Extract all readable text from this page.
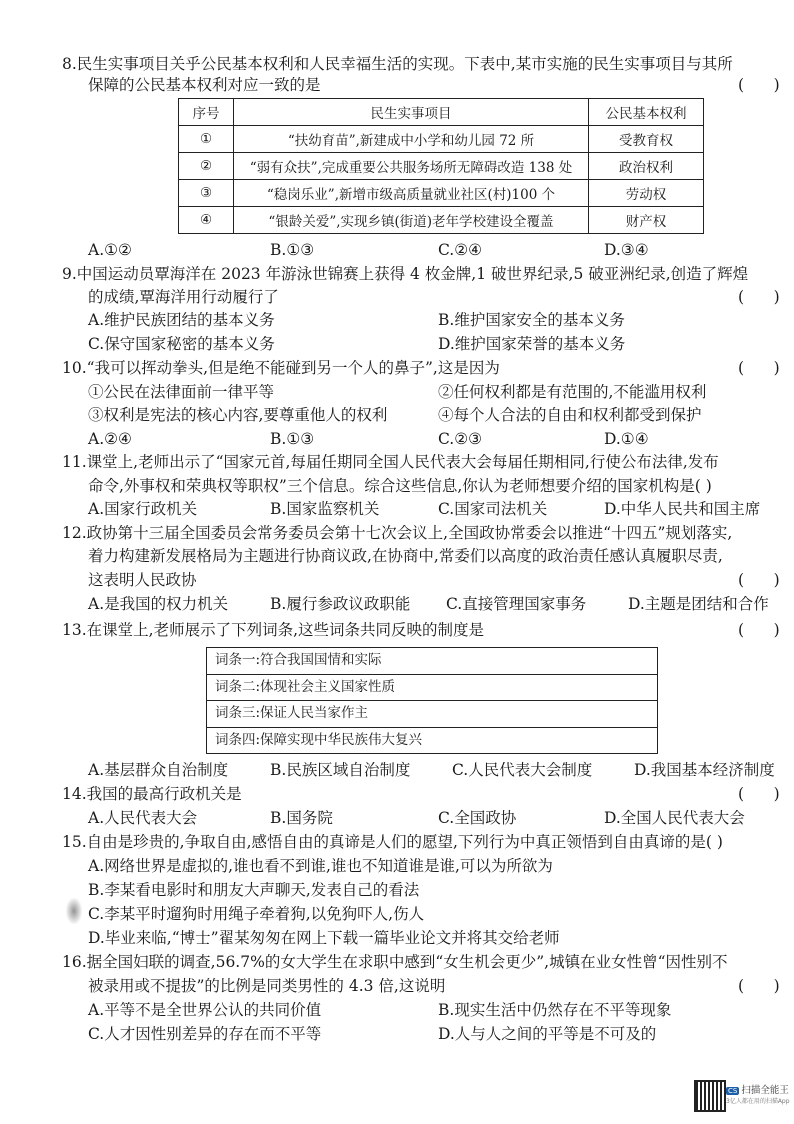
8.民生实事项目关乎公民基本权利和人民幸福生活的实现。下表中,某市实施的民生实事项目与其所
保障的公民基本权利对应一致的是	(      )
序号	民生实事项目	公民基本权利
①	“扶幼育苗”,新建成中小学和幼儿园 72 所	受教育权
②	“弱有众扶”,完成重要公共服务场所无障碍改造 138 处	政治权利
③	“稳岗乐业”,新增市级高质量就业社区(村)100 个	劳动权
④	“银龄关爱”,实现乡镇(街道)老年学校建设全覆盖	财产权
A.①②	B.①③	C.②④	D.③④
9.中国运动员覃海洋在 2023 年游泳世锦赛上获得 4 枚金牌,1 破世界纪录,5 破亚洲纪录,创造了辉煌
的成绩,覃海洋用行动履行了	(      )
A.维护民族团结的基本义务	B.维护国家安全的基本义务
C.保守国家秘密的基本义务	D.维护国家荣誉的基本义务
10.“我可以挥动拳头,但是绝不能碰到另一个人的鼻子”,这是因为	(      )
①公民在法律面前一律平等	②任何权利都是有范围的,不能滥用权利
③权利是宪法的核心内容,要尊重他人的权利	④每个人合法的自由和权利都受到保护
A.②④	B.①③	C.②③	D.①④
11.课堂上,老师出示了“国家元首,每届任期同全国人民代表大会每届任期相同,行使公布法律,发布
命令,外事权和荣典权等职权”三个信息。综合这些信息,你认为老师想要介绍的国家机构是( )
A.国家行政机关	B.国家监察机关	C.国家司法机关	D.中华人民共和国主席
12.政协第十三届全国委员会常务委员会第十七次会议上,全国政协常委会以推进“十四五”规划落实,
着力构建新发展格局为主题进行协商议政,在协商中,常委们以高度的政治责任感认真履职尽责,
这表明人民政协	(      )
A.是我国的权力机关	B.履行参政议政职能 C.直接管理国家事务	D.主题是团结和合作
13.在课堂上,老师展示了下列词条,这些词条共同反映的制度是	(      )
词条一:符合我国国情和实际
词条二:体现社会主义国家性质
词条三:保证人民当家作主
词条四:保障实现中华民族伟大复兴
A.基层群众自治制度	B.民族区域自治制度	C.人民代表大会制度	D.我国基本经济制度
14.我国的最高行政机关是	(      )
A.人民代表大会	B.国务院	C.全国政协	D.全国人民代表大会
15.自由是珍贵的,争取自由,感悟自由的真谛是人们的愿望,下列行为中真正领悟到自由真谛的是( )
A.网络世界是虚拟的,谁也看不到谁,谁也不知道谁是谁,可以为所欲为
B.李某看电影时和朋友大声聊天,发表自己的看法
C.李某平时遛狗时用绳子牵着狗,以免狗吓人,伤人
D.毕业来临,“博士”翟某匆匆在网上下载一篇毕业论文并将其交给老师
16.据全国妇联的调查,56.7%的女大学生在求职中感到“女生机会更少”,城镇在业女性曾“因性别不
被录用或不提拔”的比例是同类男性的 4.3 倍,这说明	(      )
A.平等不是全世界公认的共同价值	B.现实生活中仍然存在不平等现象
C.人才因性别差异的存在而不平等	D.人与人之间的平等是不可及的
CS 扫描全能王
3亿人都在用的扫描App
